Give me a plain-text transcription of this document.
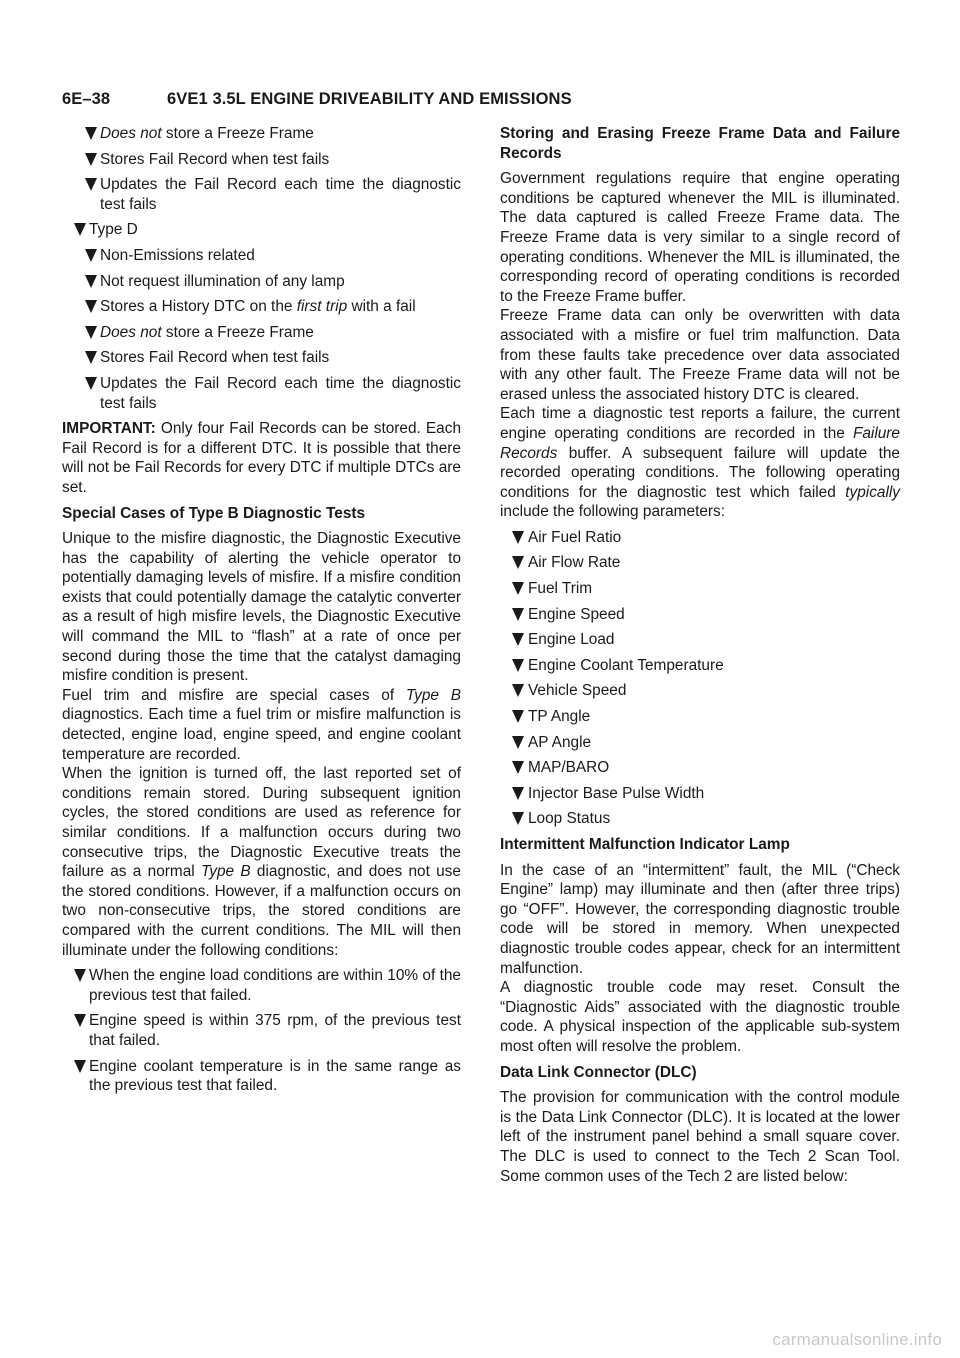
6E–38	6VE1 3.5L ENGINE DRIVEABILITY AND EMISSIONS
Does not store a Freeze Frame
Stores Fail Record when test fails
Updates the Fail Record each time the diagnostic test fails
Type D
Non-Emissions related
Not request illumination of any lamp
Stores a History DTC on the first trip with a fail
Does not store a Freeze Frame
Stores Fail Record when test fails
Updates the Fail Record each time the diagnostic test fails

IMPORTANT: Only four Fail Records can be stored. Each Fail Record is for a different DTC. It is possible that there will not be Fail Records for every DTC if multiple DTCs are set.

Special Cases of Type B Diagnostic Tests

Unique to the misfire diagnostic, the Diagnostic Executive has the capability of alerting the vehicle operator to potentially damaging levels of misfire. If a misfire condition exists that could potentially damage the catalytic converter as a result of high misfire levels, the Diagnostic Executive will command the MIL to “flash” at a rate of once per second during those the time that the catalyst damaging misfire condition is present.

Fuel trim and misfire are special cases of Type B diagnostics. Each time a fuel trim or misfire malfunction is detected, engine load, engine speed, and engine coolant temperature are recorded.

When the ignition is turned off, the last reported set of conditions remain stored. During subsequent ignition cycles, the stored conditions are used as reference for similar conditions. If a malfunction occurs during two consecutive trips, the Diagnostic Executive treats the failure as a normal Type B diagnostic, and does not use the stored conditions. However, if a malfunction occurs on two non-consecutive trips, the stored conditions are compared with the current conditions. The MIL will then illuminate under the following conditions:

When the engine load conditions are within 10% of the previous test that failed.
Engine speed is within 375 rpm, of the previous test that failed.
Engine coolant temperature is in the same range as the previous test that failed.

Storing and Erasing Freeze Frame Data and Failure Records

Government regulations require that engine operating conditions be captured whenever the MIL is illuminated. The data captured is called Freeze Frame data. The Freeze Frame data is very similar to a single record of operating conditions. Whenever the MIL is illuminated, the corresponding record of operating conditions is recorded to the Freeze Frame buffer.

Freeze Frame data can only be overwritten with data associated with a misfire or fuel trim malfunction. Data from these faults take precedence over data associated with any other fault. The Freeze Frame data will not be erased unless the associated history DTC is cleared.

Each time a diagnostic test reports a failure, the current engine operating conditions are recorded in the Failure Records buffer. A subsequent failure will update the recorded operating conditions. The following operating conditions for the diagnostic test which failed typically include the following parameters:

Air Fuel Ratio
Air Flow Rate
Fuel Trim
Engine Speed
Engine Load
Engine Coolant Temperature
Vehicle Speed
TP Angle
AP Angle
MAP/BARO
Injector Base Pulse Width
Loop Status

Intermittent Malfunction Indicator Lamp

In the case of an “intermittent” fault, the MIL (“Check Engine” lamp) may illuminate and then (after three trips) go “OFF”. However, the corresponding diagnostic trouble code will be stored in memory. When unexpected diagnostic trouble codes appear, check for an intermittent malfunction.

A diagnostic trouble code may reset. Consult the “Diagnostic Aids” associated with the diagnostic trouble code. A physical inspection of the applicable sub-system most often will resolve the problem.

Data Link Connector (DLC)

The provision for communication with the control module is the Data Link Connector (DLC). It is located at the lower left of the instrument panel behind a small square cover. The DLC is used to connect to the Tech 2 Scan Tool. Some common uses of the Tech 2 are listed below:

carmanualsonline.info
